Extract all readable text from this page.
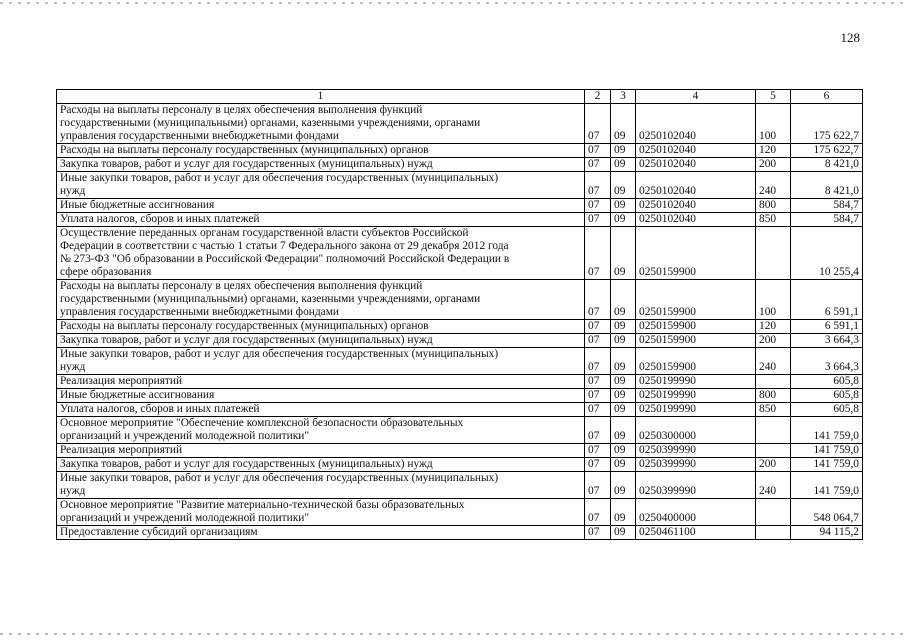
128
1	2	3	4	5	6
Расходы на выплаты персоналу в целях обеспечения выполнения функций
государственными (муниципальными) органами, казенными учреждениями, органами
управления государственными внебюджетными фондами	07	09	0250102040	100	175 622,7
Расходы на выплаты персоналу государственных (муниципальных) органов	07	09	0250102040	120	175 622,7
Закупка товаров, работ и услуг для государственных (муниципальных) нужд	07	09	0250102040	200	8 421,0
Иные закупки товаров, работ и услуг для обеспечения государственных (муниципальных)
нужд	07	09	0250102040	240	8 421,0
Иные бюджетные ассигнования	07	09	0250102040	800	584,7
Уплата налогов, сборов и иных платежей	07	09	0250102040	850	584,7
Осуществление переданных органам государственной власти субъектов Российской
Федерации в соответствии с частью 1 статьи 7 Федерального закона от 29 декабря 2012 года
№ 273-ФЗ "Об образовании в Российской Федерации" полномочий Российской Федерации в
сфере образования	07	09	0250159900		10 255,4
Расходы на выплаты персоналу в целях обеспечения выполнения функций
государственными (муниципальными) органами, казенными учреждениями, органами
управления государственными внебюджетными фондами	07	09	0250159900	100	6 591,1
Расходы на выплаты персоналу государственных (муниципальных) органов	07	09	0250159900	120	6 591,1
Закупка товаров, работ и услуг для государственных (муниципальных) нужд	07	09	0250159900	200	3 664,3
Иные закупки товаров, работ и услуг для обеспечения государственных (муниципальных)
нужд	07	09	0250159900	240	3 664,3
Реализация мероприятий	07	09	0250199990		605,8
Иные бюджетные ассигнования	07	09	0250199990	800	605,8
Уплата налогов, сборов и иных платежей	07	09	0250199990	850	605,8
Основное мероприятие "Обеспечение комплексной безопасности образовательных
организаций и учреждений молодежной политики"	07	09	0250300000		141 759,0
Реализация мероприятий	07	09	0250399990		141 759,0
Закупка товаров, работ и услуг для государственных (муниципальных) нужд	07	09	0250399990	200	141 759,0
Иные закупки товаров, работ и услуг для обеспечения государственных (муниципальных)
нужд	07	09	0250399990	240	141 759,0
Основное мероприятие "Развитие материально-технической базы образовательных
организаций и учреждений молодежной политики"	07	09	0250400000		548 064,7
Предоставление субсидий организациям	07	09	0250461100		94 115,2
